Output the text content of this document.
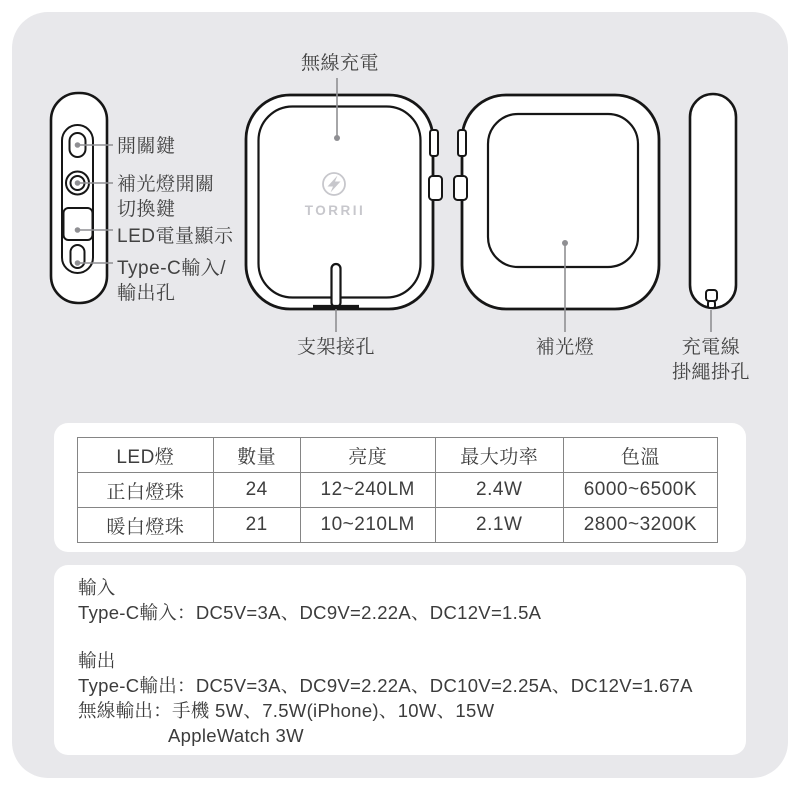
無線充電
開關鍵
補光燈開關
切換鍵
LED電量顯示
Type-C輸入/
輸出孔
TORRII
支架接孔	補光燈	充電線
掛繩掛孔
LED燈	數量	亮度	最大功率	色溫
正白燈珠	24	12~240LM	2.4W	6000~6500K
暖白燈珠	21	10~210LM	2.1W	2800~3200K
輸入
Type-C輸入：DC5V=3A、DC9V=2.22A、DC12V=1.5A
輸出
Type-C輸出：DC5V=3A、DC9V=2.22A、DC10V=2.25A、DC12V=1.67A
無線輸出：手機 5W、7.5W(iPhone)、10W、15W
AppleWatch 3W
